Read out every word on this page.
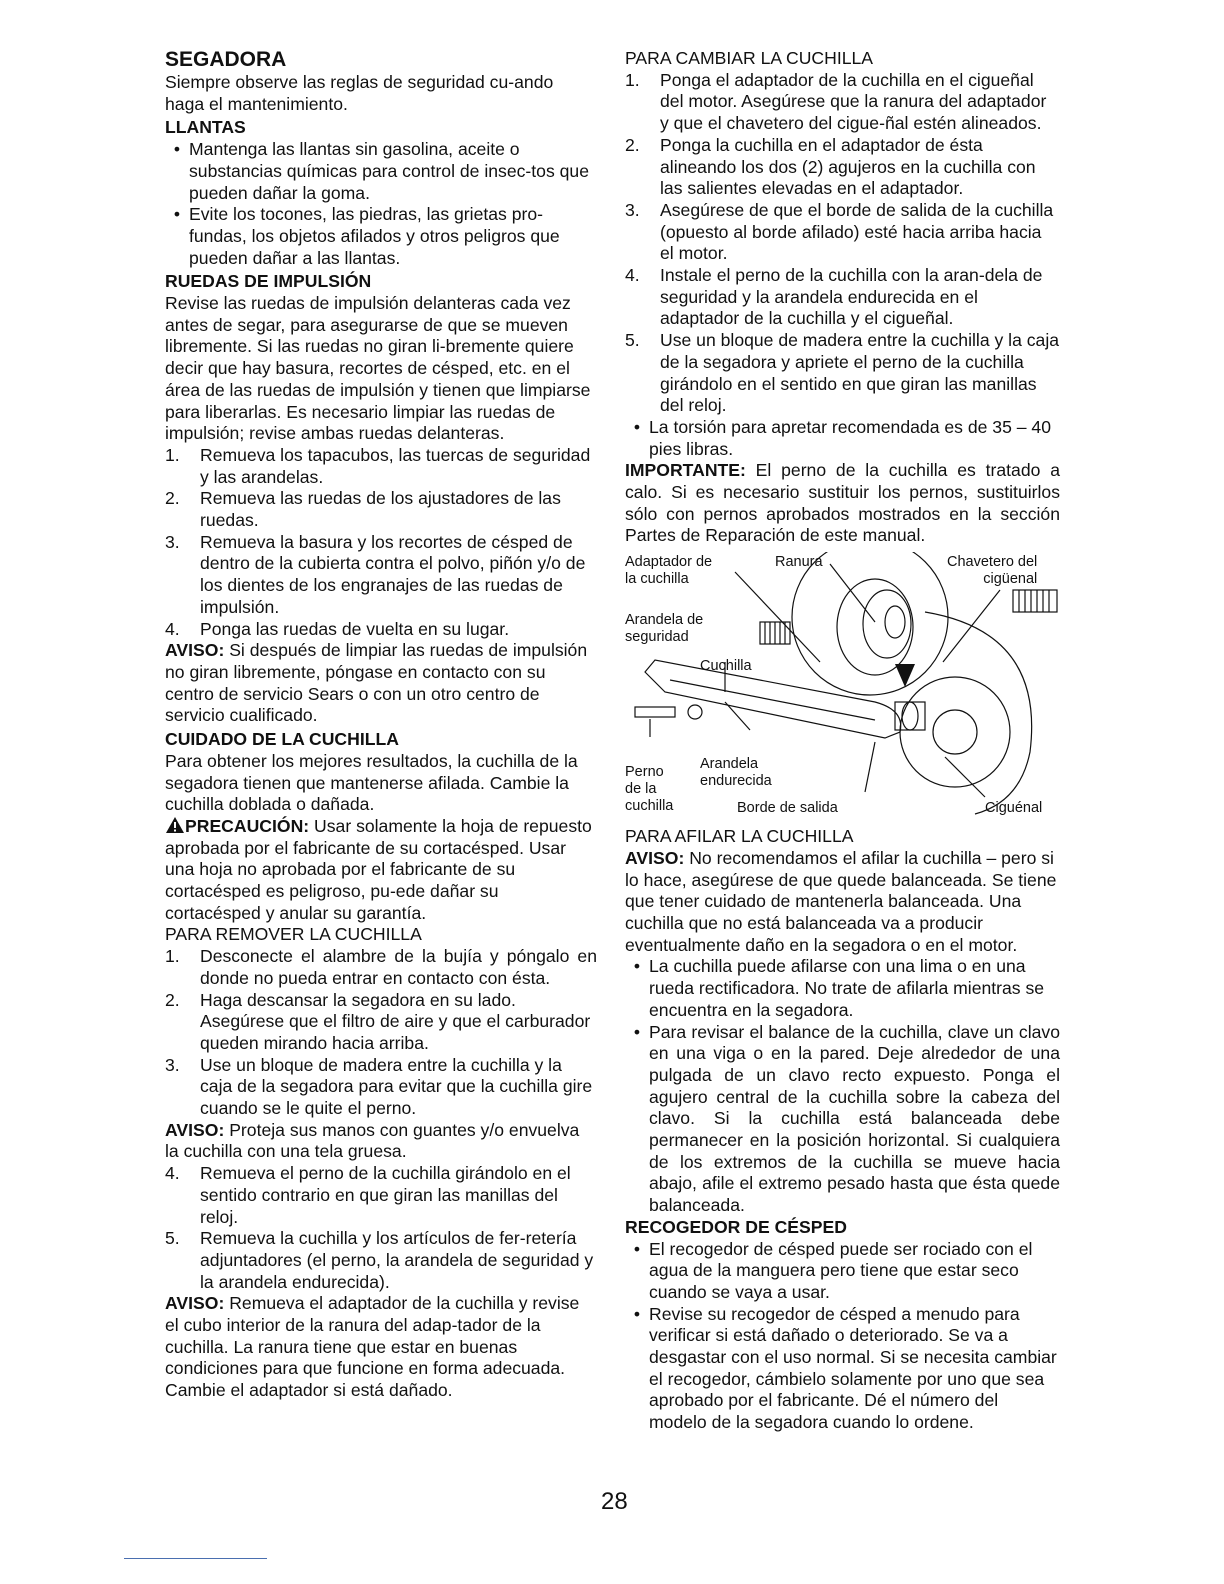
SEGADORA

Siempre observe las reglas de seguridad cu-ando haga el mantenimiento.

LLANTAS
• Mantenga las llantas sin gasolina, aceite o substancias químicas para control de insec-tos que pueden dañar la goma.
• Evite los tocones, las piedras, las grietas pro-fundas, los objetos afilados y otros peligros que pueden dañar a las llantas.
RUEDAS DE IMPULSIÓN

Revise las ruedas de impulsión delanteras cada vez antes de segar, para asegurarse de que se mueven libremente. Si las ruedas no giran li-bremente quiere decir que hay basura, recortes de césped, etc. en el área de las ruedas de impulsión y tienen que limpiarse para liberarlas. Es necesario limpiar las ruedas de impulsión; revise ambas ruedas delanteras.

1.	Remueva los tapacubos, las tuercas de seguridad y las arandelas.
2.	Remueva las ruedas de los ajustadores de las ruedas.
3.	Remueva la basura y los recortes de césped de dentro de la cubierta contra el polvo, piñón y/o de los dientes de los engranajes de las ruedas de impulsión.
4.	Ponga las ruedas de vuelta en su lugar.

AVISO: Si después de limpiar las ruedas de impulsión no giran libremente, póngase en contacto con su centro de servicio Sears o con un otro centro de servicio cualificado.

CUIDADO DE LA CUCHILLA

Para obtener los mejores resultados, la cuchilla de la segadora tienen que mantenerse afilada. Cambie la cuchilla doblada o dañada.

PRECAUCIÓN: Usar solamente la hoja de repuesto aprobada por el fabricante de su cortacésped. Usar una hoja no aprobada por el fabricante de su cortacésped es peligroso, pu-ede dañar su cortacésped y anular su garantía.

PARA REMOVER LA CUCHILLA

1.	Desconecte el alambre de la bujía y póngalo en donde no pueda entrar en contacto con ésta.
2.	Haga descansar la segadora en su lado. Asegúrese que el filtro de aire y que el carburador queden mirando hacia arriba.
3.	Use un bloque de madera entre la cuchilla y la caja de la segadora para evitar que la cuchilla gire cuando se le quite el perno.

AVISO: Proteja sus manos con guantes y/o envuelva la cuchilla con una tela gruesa.

4.	Remueva el perno de la cuchilla girándolo en el sentido contrario en que giran las manillas del reloj.
5.	Remueva la cuchilla y los artículos de fer-retería adjuntadores (el perno, la arandela de seguridad y la arandela endurecida).

AVISO: Remueva el adaptador de la cuchilla y revise el cubo interior de la ranura del adap-tador de la cuchilla. La ranura tiene que estar en buenas condiciones para que funcione en forma adecuada. Cambie el adaptador si está dañado.

PARA CAMBIAR LA CUCHILLA

1.	Ponga el adaptador de la cuchilla en el cigueñal del motor. Asegúrese que la ranura del adaptador y que el chavetero del cigue-ñal estén alineados.
2.	Ponga la cuchilla en el adaptador de ésta alineando los dos (2) agujeros en la cuchilla con las salientes elevadas en el adaptador.
3.	Asegúrese de que el borde de salida de la cuchilla (opuesto al borde afilado) esté hacia arriba hacia el motor.
4.	Instale el perno de la cuchilla con la aran-dela de seguridad y la arandela endurecida en el adaptador de la cuchilla y el cigueñal.
5.	Use un bloque de madera entre la cuchilla y la caja de la segadora y apriete el perno de la cuchilla girándolo en el sentido en que giran las manillas del reloj.
• La torsión para apretar recomendada es de 35 – 40 pies libras.

IMPORTANTE: El perno de la cuchilla es tratado a calo. Si es necesario sustituir los pernos, sustituirlos sólo con pernos aprobados mostrados en la sección Partes de Reparación de este manual.

Adaptador de
la cuchilla
Ranura	Chavetero del
cigüenal
Arandela de
seguridad
Cuchilla
Perno
de la
cuchilla
Arandela
endurecida
Borde de salida	Ciguénal

PARA AFILAR LA CUCHILLA

AVISO: No recomendamos el afilar la cuchilla – pero si lo hace, asegúrese de que quede balanceada. Se tiene que tener cuidado de mantenerla balanceada. Una cuchilla que no está balanceada va a producir eventualmente daño en la segadora o en el motor.

• La cuchilla puede afilarse con una lima o en una rueda rectificadora. No trate de afilarla mientras se encuentra en la segadora.
• Para revisar el balance de la cuchilla, clave un clavo en una viga o en la pared. Deje alrededor de una pulgada de un clavo recto expuesto. Ponga el agujero central de la cuchilla sobre la cabeza del clavo. Si la cuchilla está balanceada debe permanecer en la posición horizontal. Si cualquiera de los extremos de la cuchilla se mueve hacia abajo, afile el extremo pesado hasta que ésta quede balanceada.
RECOGEDOR DE CÉSPED
• El recogedor de césped puede ser rociado con el agua de la manguera pero tiene que estar seco cuando se vaya a usar.
• Revise su recogedor de césped a menudo para verificar si está dañado o deteriorado. Se va a desgastar con el uso normal. Si se necesita cambiar el recogedor, cámbielo solamente por uno que sea aprobado por el fabricante. Dé el número del modelo de la segadora cuando lo ordene.
28
